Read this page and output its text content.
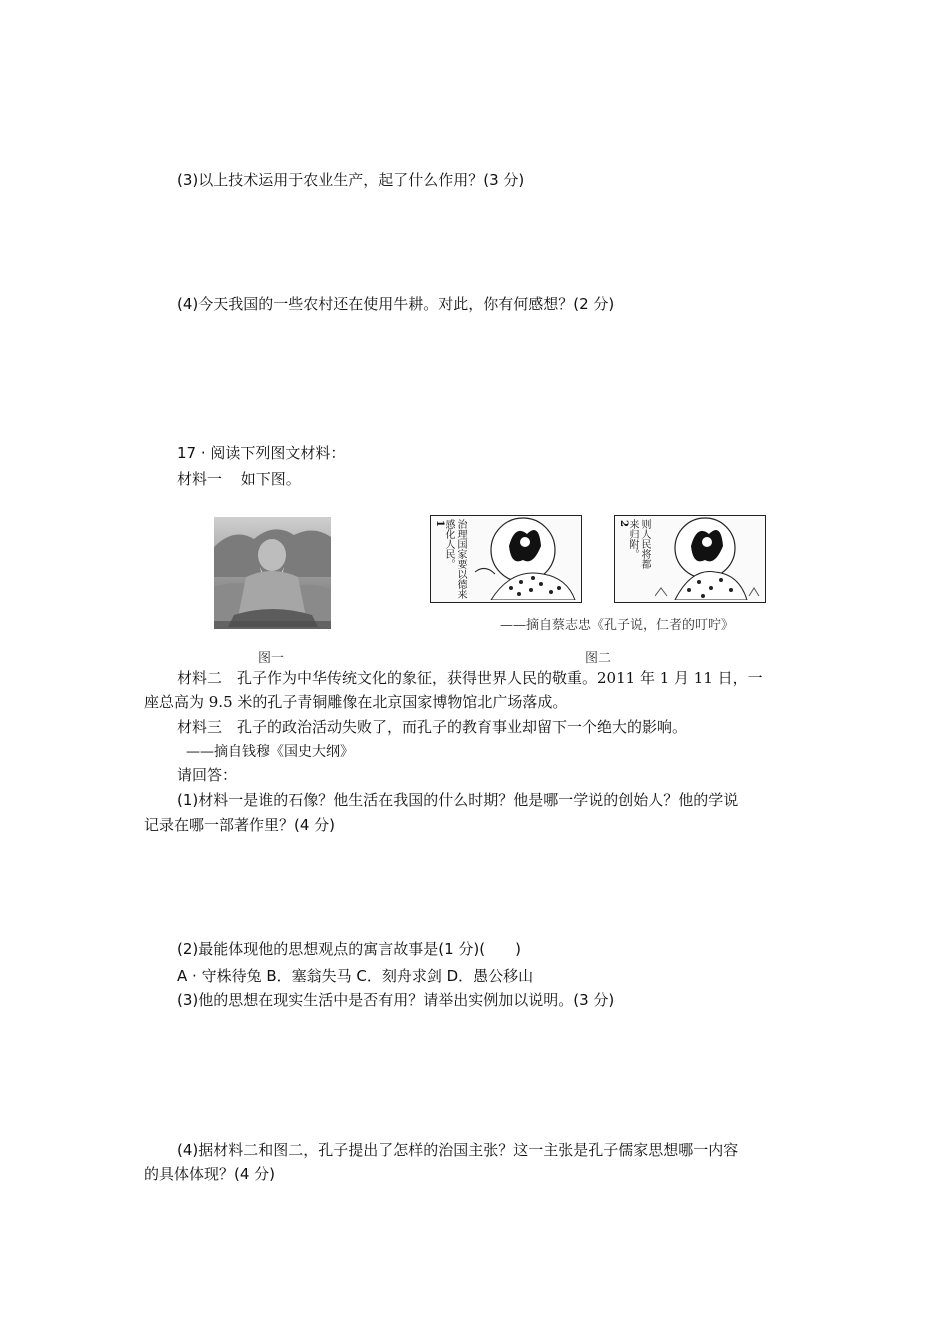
(3)以上技术运用于农业生产，起了什么作用？(3 分)
(4)今天我国的一些农村还在使用牛耕。对此，你有何感想？(2 分)
17 · 阅读下列图文材料：
材料一 如下图。
图一
1 治理国家要以德来
感化人民。	2 则人民将都
来归附。
——摘自蔡志忠《孔子说，仁者的叮咛》
图二
材料二　孔子作为中华传统文化的象征，获得世界人民的敬重。2011 年 1 月 11 日，一
座总高为 9.5 米的孔子青铜雕像在北京国家博物馆北广场落成。
材料三　孔子的政治活动失败了，而孔子的教育事业却留下一个绝大的影响。
——摘自钱穆《国史大纲》
请回答：
(1)材料一是谁的石像？他生活在我国的什么时期？他是哪一学说的创始人？他的学说
记录在哪一部著作里？(4 分)
(2)最能体现他的思想观点的寓言故事是(1 分)(　　)
A · 守株待兔 B．塞翁失马 C．刻舟求剑 D．愚公移山
(3)他的思想在现实生活中是否有用？请举出实例加以说明。(3 分)
(4)据材料二和图二，孔子提出了怎样的治国主张？这一主张是孔子儒家思想哪一内容
的具体体现？(4 分)
